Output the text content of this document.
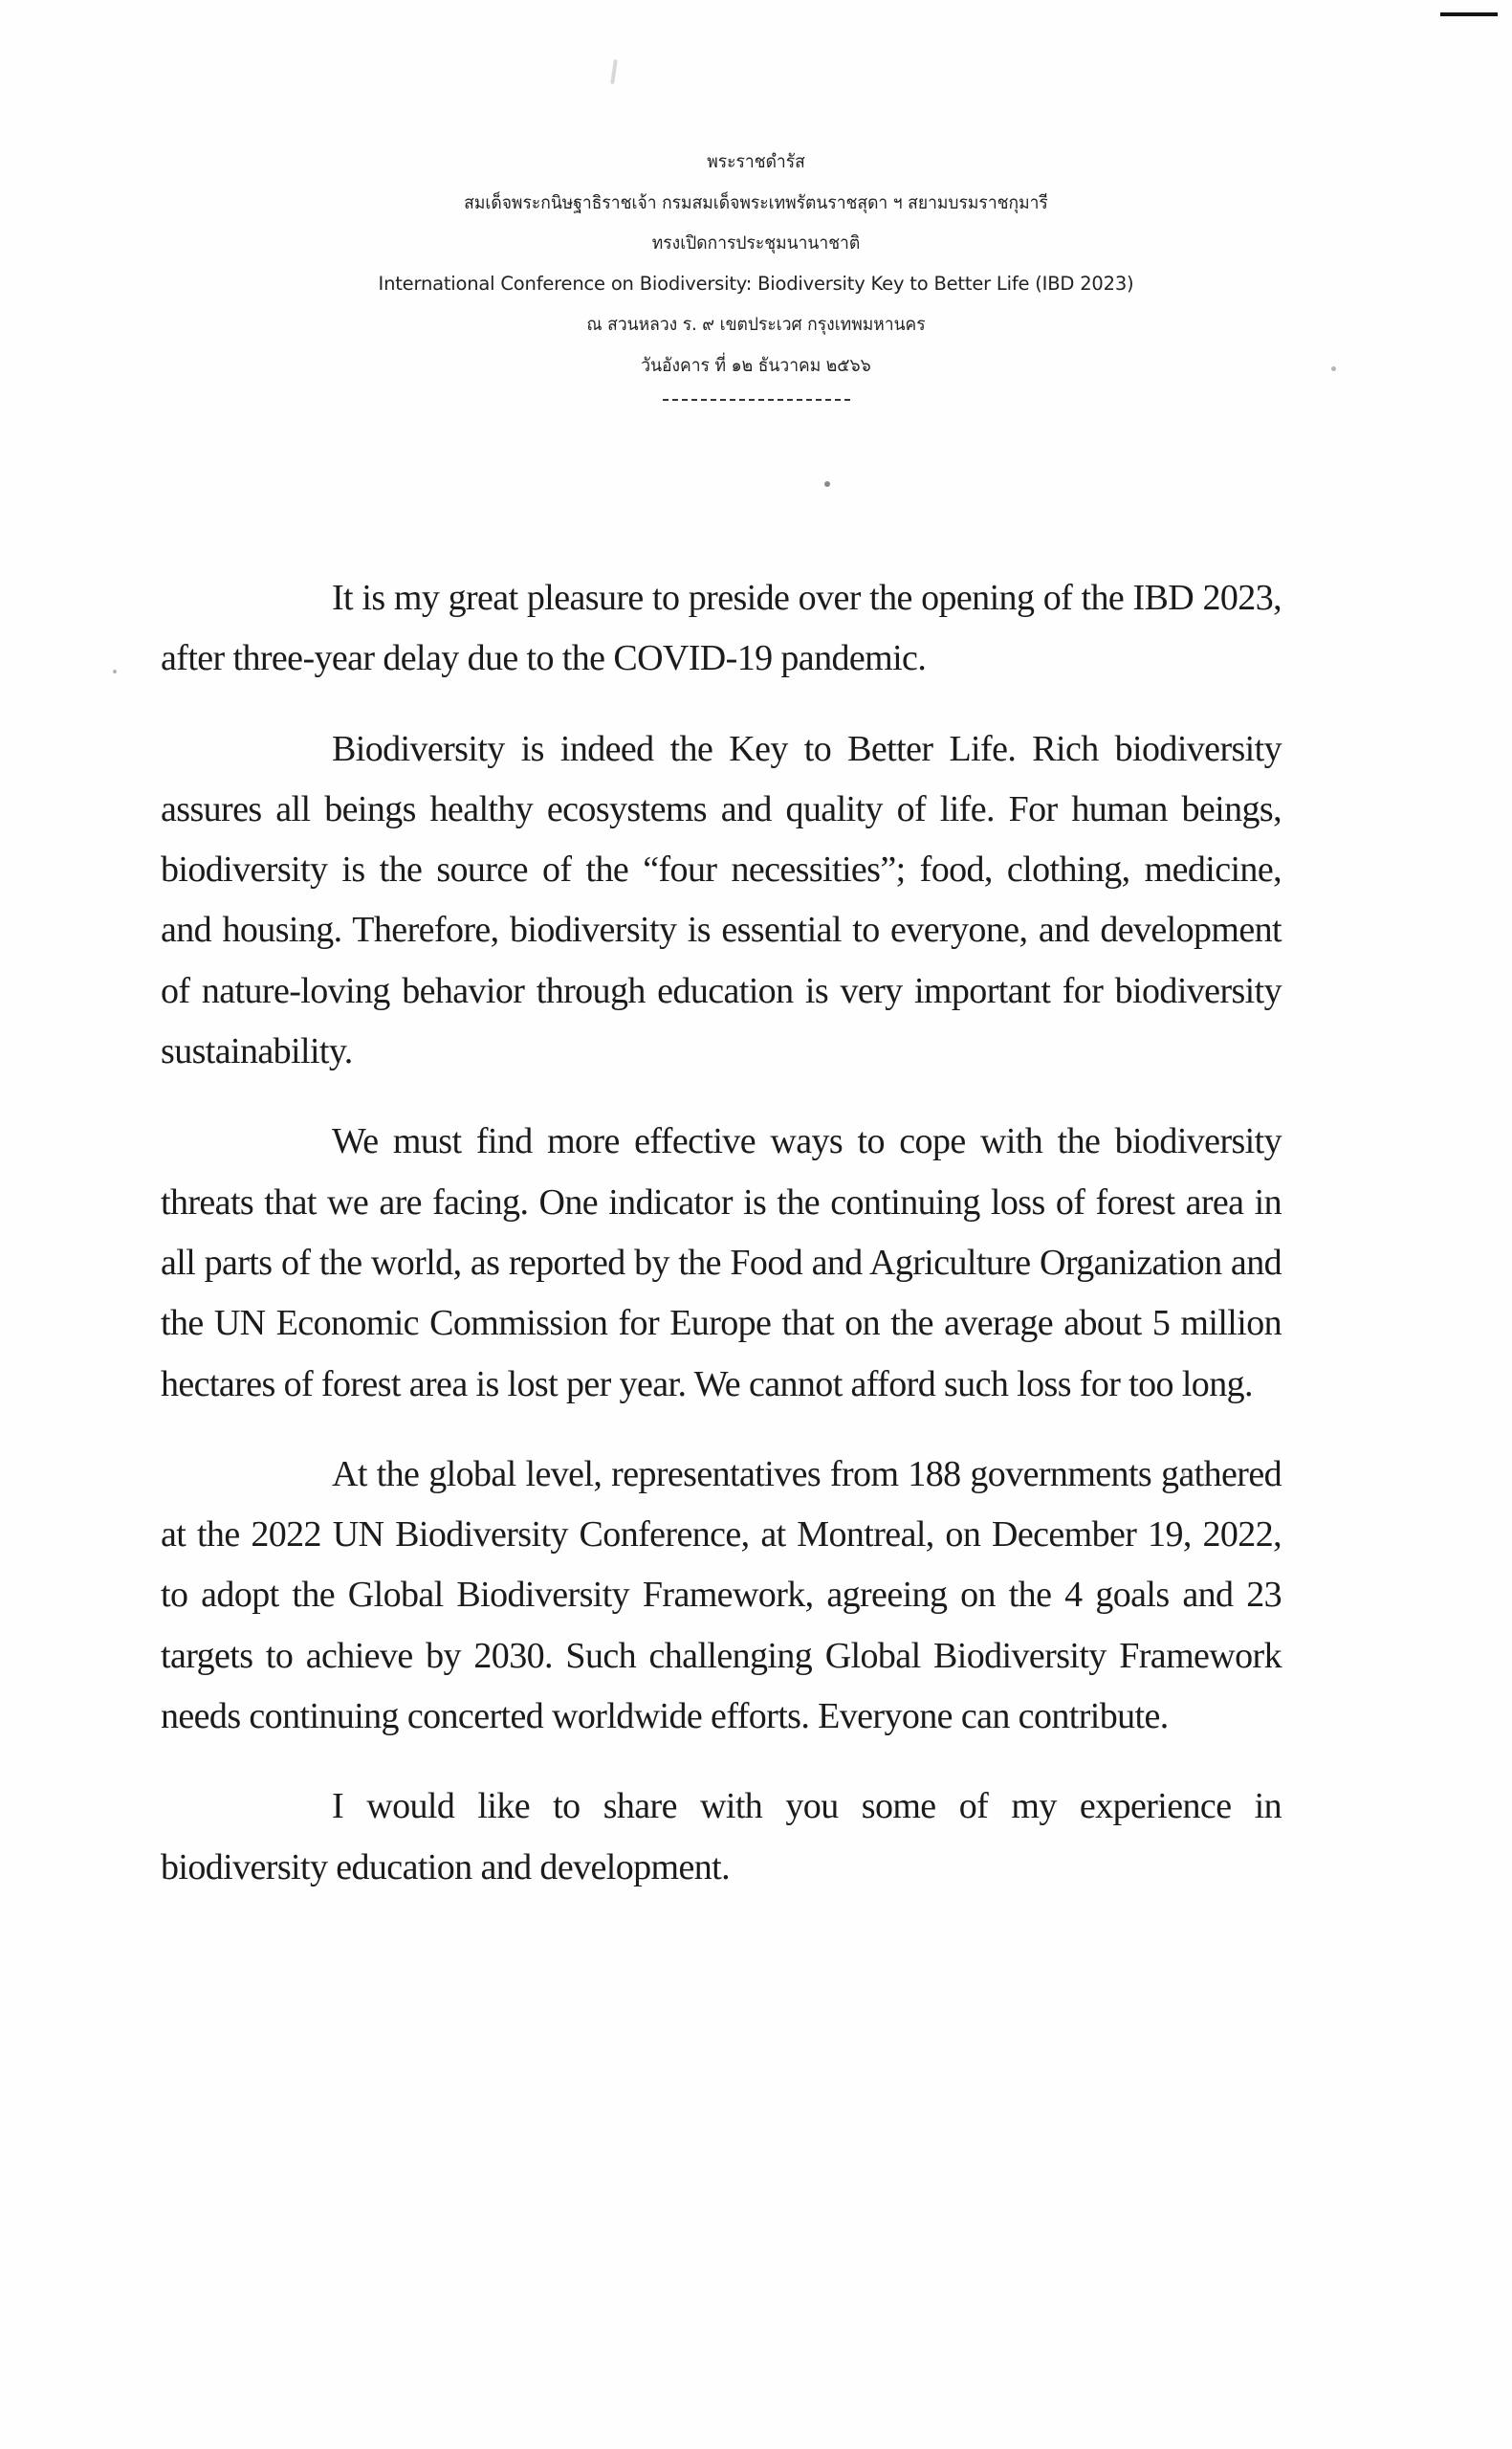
พระราชดำรัส
สมเด็จพระกนิษฐาธิราชเจ้า กรมสมเด็จพระเทพรัตนราชสุดา ฯ สยามบรมราชกุมารี
ทรงเปิดการประชุมนานาชาติ
International Conference on Biodiversity: Biodiversity Key to Better Life (IBD 2023)
ณ สวนหลวง ร. ๙ เขตประเวศ กรุงเทพมหานคร
วันอังคาร ที่ ๑๒ ธันวาคม ๒๕๖๖

It is my great pleasure to preside over the opening of the IBD 2023, after three-year delay due to the COVID-19 pandemic.

Biodiversity is indeed the Key to Better Life. Rich biodiversity assures all beings healthy ecosystems and quality of life. For human beings, biodiversity is the source of the “four necessities”; food, clothing, medicine, and housing. Therefore, biodiversity is essential to everyone, and development of nature-loving behavior through education is very important for biodiversity sustainability.

We must find more effective ways to cope with the biodiversity threats that we are facing. One indicator is the continuing loss of forest area in all parts of the world, as reported by the Food and Agriculture Organization and the UN Economic Commission for Europe that on the average about 5 million hectares of forest area is lost per year. We cannot afford such loss for too long.

At the global level, representatives from 188 governments gathered at the 2022 UN Biodiversity Conference, at Montreal, on December 19, 2022, to adopt the Global Biodiversity Framework, agreeing on the 4 goals and 23 targets to achieve by 2030. Such challenging Global Biodiversity Framework needs continuing concerted worldwide efforts. Everyone can contribute.

I would like to share with you some of my experience in biodiversity education and development.
